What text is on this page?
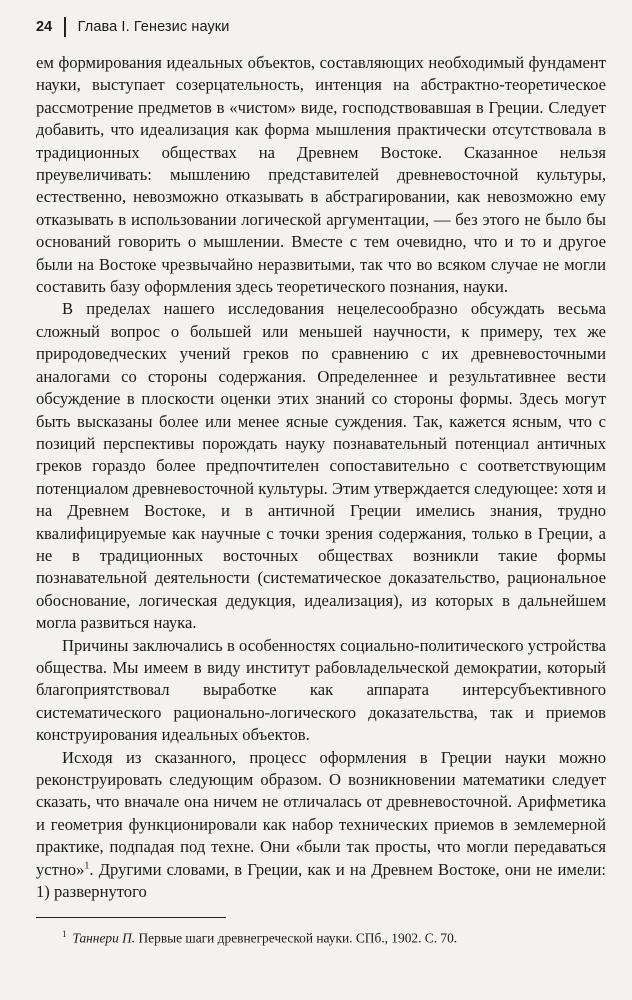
24 Глава I. Генезис науки

ем формирования идеальных объектов, составляющих необходимый фундамент науки, выступает созерцательность, интенция на абстрактно-теоретическое рассмотрение предметов в «чистом» виде, господствовавшая в Греции. Следует добавить, что идеализация как форма мышления практически отсутствовала в традиционных обществах на Древнем Востоке. Сказанное нельзя преувеличивать: мышлению представителей древневосточной культуры, естественно, невозможно отказывать в абстрагировании, как невозможно ему отказывать в использовании логической аргументации, — без этого не было бы оснований говорить о мышлении. Вместе с тем очевидно, что и то и другое были на Востоке чрезвычайно неразвитыми, так что во всяком случае не могли составить базу оформления здесь теоретического познания, науки.

В пределах нашего исследования нецелесообразно обсуждать весьма сложный вопрос о большей или меньшей научности, к примеру, тех же природоведческих учений греков по сравнению с их древневосточными аналогами со стороны содержания. Определеннее и результативнее вести обсуждение в плоскости оценки этих знаний со стороны формы. Здесь могут быть высказаны более или менее ясные суждения. Так, кажется ясным, что с позиций перспективы порождать науку познавательный потенциал античных греков гораздо более предпочтителен сопоставительно с соответствующим потенциалом древневосточной культуры. Этим утверждается следующее: хотя и на Древнем Востоке, и в античной Греции имелись знания, трудно квалифицируемые как научные с точки зрения содержания, только в Греции, а не в традиционных восточных обществах возникли такие формы познавательной деятельности (систематическое доказательство, рациональное обоснование, логическая дедукция, идеализация), из которых в дальнейшем могла развиться наука.

Причины заключались в особенностях социально-политического устройства общества. Мы имеем в виду институт рабовладельческой демократии, который благоприятствовал выработке как аппарата интерсубъективного систематического рационально-логического доказательства, так и приемов конструирования идеальных объектов.

Исходя из сказанного, процесс оформления в Греции науки можно реконструировать следующим образом. О возникновении математики следует сказать, что вначале она ничем не отличалась от древневосточной. Арифметика и геометрия функционировали как набор технических приемов в землемерной практике, подпадая под техне. Они «были так просты, что могли передаваться устно»$^1$. Другими словами, в Греции, как и на Древнем Востоке, они не имели: 1) развернутого

$^1$ Таннери П. Первые шаги древнегреческой науки. СПб., 1902. С. 70.
